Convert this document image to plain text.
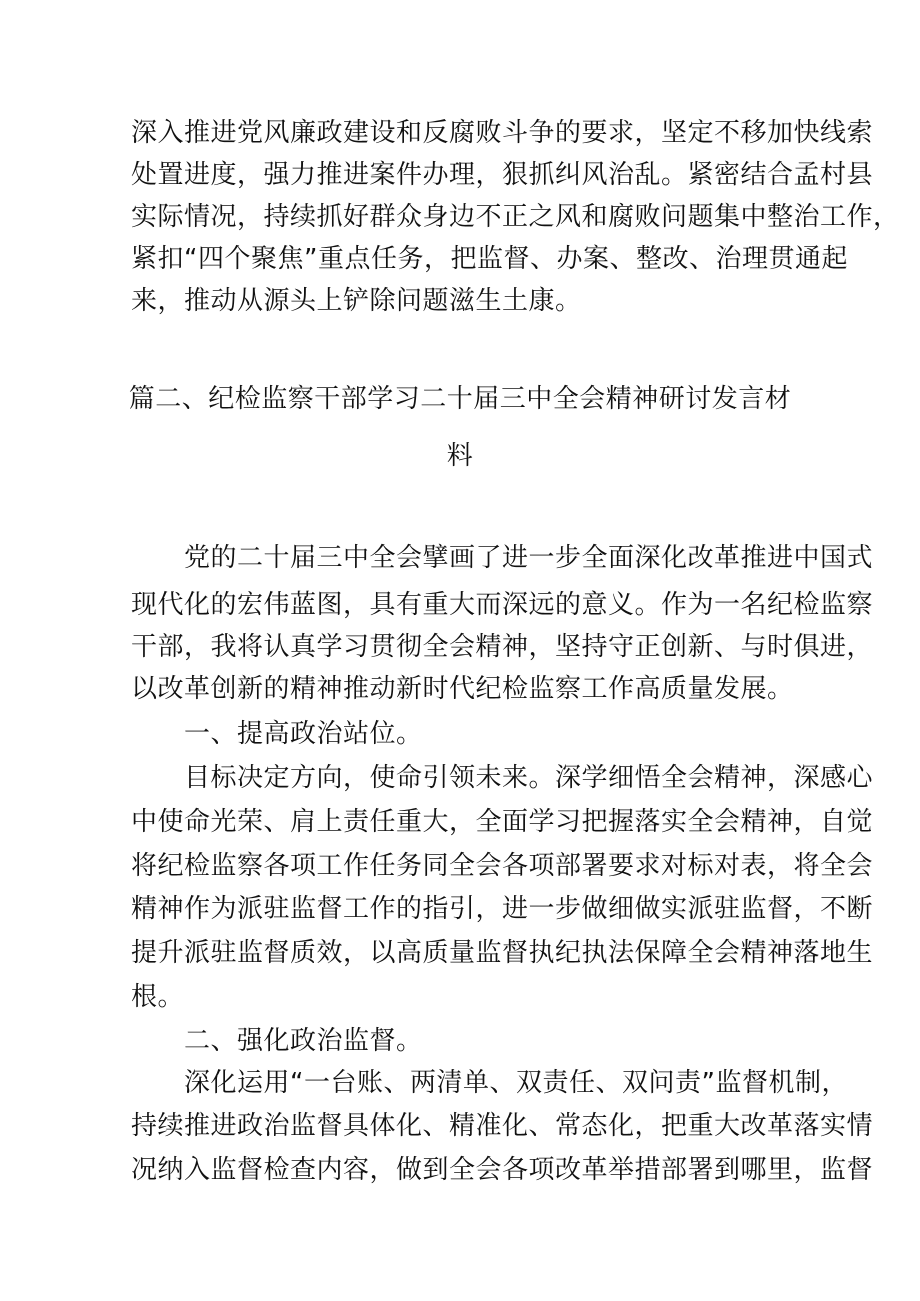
深入推进党风廉政建设和反腐败斗争的要求，坚定不移加快线索
处置进度，强力推进案件办理，狠抓纠风治乱。紧密结合孟村县
实际情况，持续抓好群众身边不正之风和腐败问题集中整治工作，
紧扣“四个聚焦”重点任务，把监督、办案、整改、治理贯通起
来，推动从源头上铲除问题滋生土康。
篇二、纪检监察干部学习二十届三中全会精神研讨发言材
料
党的二十届三中全会擘画了进一步全面深化改革推进中国式
现代化的宏伟蓝图，具有重大而深远的意义。作为一名纪检监察
干部，我将认真学习贯彻全会精神，坚持守正创新、与时俱进，
以改革创新的精神推动新时代纪检监察工作高质量发展。
一、提高政治站位。
目标决定方向，使命引领未来。深学细悟全会精神，深感心
中使命光荣、肩上责任重大，全面学习把握落实全会精神，自觉
将纪检监察各项工作任务同全会各项部署要求对标对表，将全会
精神作为派驻监督工作的指引，进一步做细做实派驻监督，不断
提升派驻监督质效，以高质量监督执纪执法保障全会精神落地生
根。
二、强化政治监督。
深化运用“一台账、两清单、双责任、双问责”监督机制，
持续推进政治监督具体化、精准化、常态化，把重大改革落实情
况纳入监督检查内容，做到全会各项改革举措部署到哪里，监督
